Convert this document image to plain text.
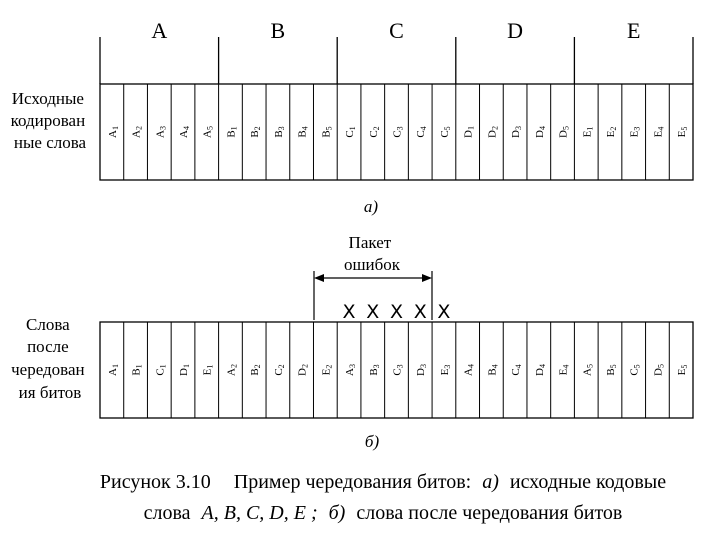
A	B	C	D	E
A1
A2
A3
A4
A5
B1
B2
B3
B4
B5
C1
C2
C3
C4
C5
D1
D2
D3
D4
D5
E1
E2
E3
E4
E5
Исходные кодирован ные слова
a)
Пакет ошибок
X X X X X
A1
B1
C1
D1
E1
A2
B2
C2
D2
E2
A3
B3
C3
D3
E3
A4
B4
C4
D4
E4
A5
B5
C5
D5
E5
Слова после чередован ия битов
б)
Рисунок 3.10 Пример чередования битов: а) исходные кодовые
слова A, B, C, D, E ; б) слова после чередования битов
